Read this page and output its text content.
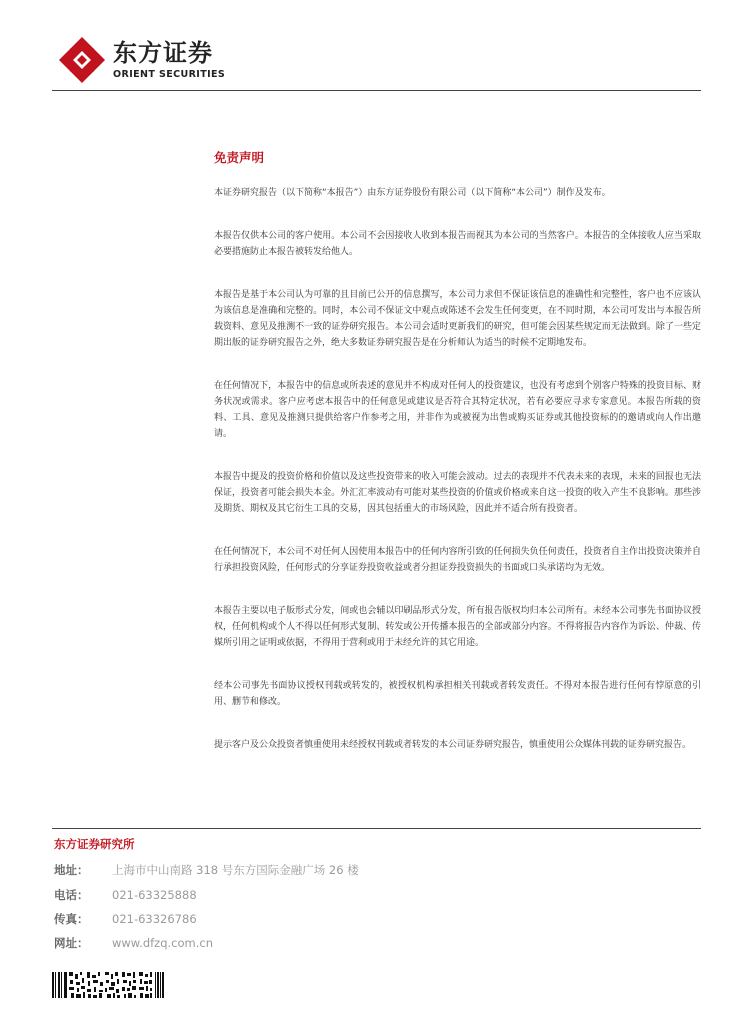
东方证券
ORIENT SECURITIES
免责声明

本证券研究报告（以下简称“本报告”）由东方证券股份有限公司（以下简称“本公司”）制作及发布。

本报告仅供本公司的客户使用。本公司不会因接收人收到本报告而视其为本公司的当然客户。本报告的全体接收人应当采取必要措施防止本报告被转发给他人。

本报告是基于本公司认为可靠的且目前已公开的信息撰写，本公司力求但不保证该信息的准确性和完整性，客户也不应该认为该信息是准确和完整的。同时，本公司不保证文中观点或陈述不会发生任何变更，在不同时期，本公司可发出与本报告所载资料、意见及推测不一致的证券研究报告。本公司会适时更新我们的研究，但可能会因某些规定而无法做到。除了一些定期出版的证券研究报告之外，绝大多数证券研究报告是在分析师认为适当的时候不定期地发布。

在任何情况下，本报告中的信息或所表述的意见并不构成对任何人的投资建议，也没有考虑到个别客户特殊的投资目标、财务状况或需求。客户应考虑本报告中的任何意见或建议是否符合其特定状况，若有必要应寻求专家意见。本报告所载的资料、工具、意见及推测只提供给客户作参考之用，并非作为或被视为出售或购买证券或其他投资标的的邀请或向人作出邀请。

本报告中提及的投资价格和价值以及这些投资带来的收入可能会波动。过去的表现并不代表未来的表现，未来的回报也无法保证，投资者可能会损失本金。外汇汇率波动有可能对某些投资的价值或价格或来自这一投资的收入产生不良影响。那些涉及期货、期权及其它衍生工具的交易，因其包括重大的市场风险，因此并不适合所有投资者。

在任何情况下，本公司不对任何人因使用本报告中的任何内容所引致的任何损失负任何责任，投资者自主作出投资决策并自行承担投资风险，任何形式的分享证券投资收益或者分担证券投资损失的书面或口头承诺均为无效。

本报告主要以电子版形式分发，间或也会辅以印刷品形式分发，所有报告版权均归本公司所有。未经本公司事先书面协议授权，任何机构或个人不得以任何形式复制、转发或公开传播本报告的全部或部分内容。不得将报告内容作为诉讼、仲裁、传媒所引用之证明或依据，不得用于营利或用于未经允许的其它用途。

经本公司事先书面协议授权刊载或转发的，被授权机构承担相关刊载或者转发责任。不得对本报告进行任何有悖原意的引用、删节和修改。

提示客户及公众投资者慎重使用未经授权刊载或者转发的本公司证券研究报告，慎重使用公众媒体刊载的证券研究报告。

东方证券研究所
地址：	上海市中山南路 318 号东方国际金融广场 26 楼
电话：	021-63325888
传真：	021-63326786
网址：	www.dfzq.com.cn
